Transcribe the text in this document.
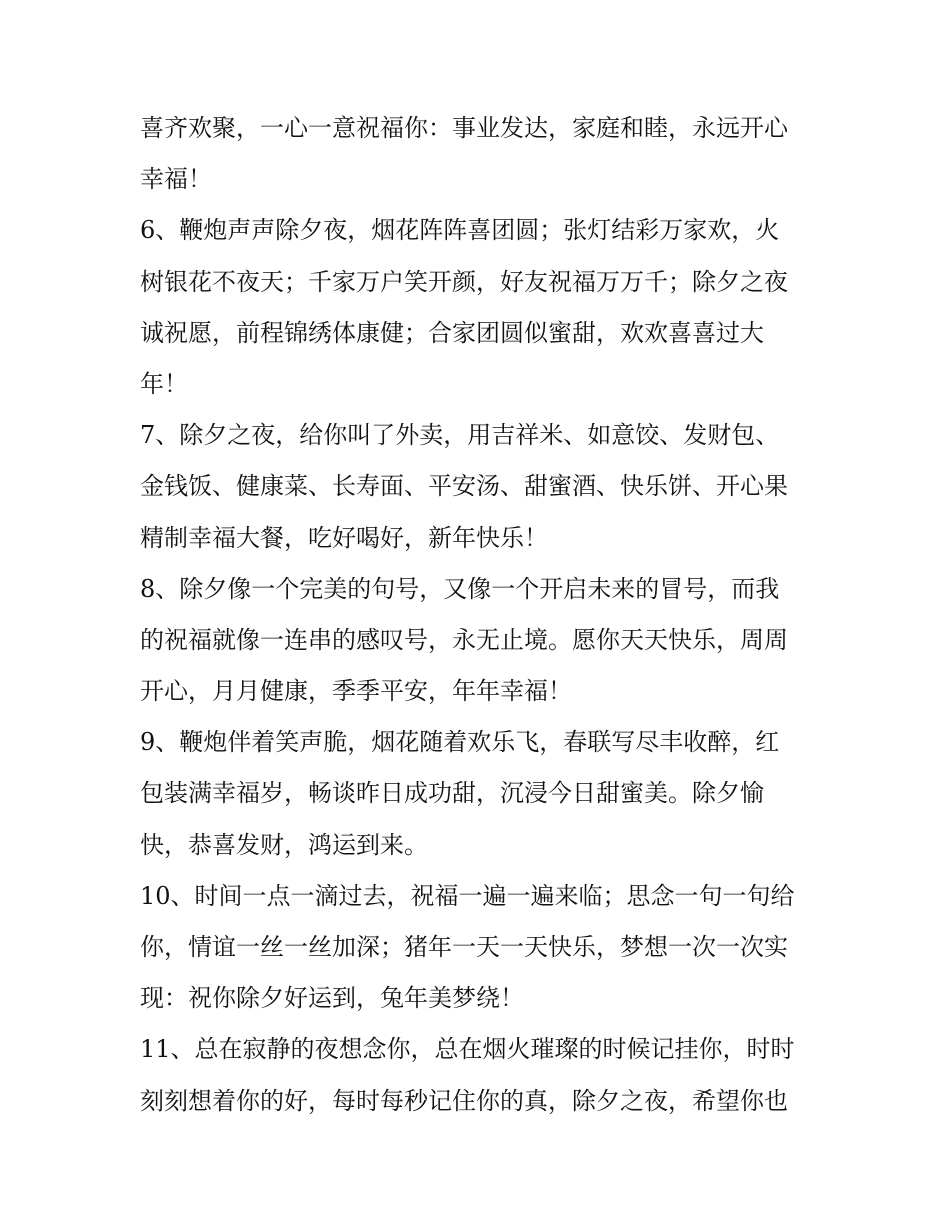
喜齐欢聚，一心一意祝福你：事业发达，家庭和睦，永远开心
幸福！
6、鞭炮声声除夕夜，烟花阵阵喜团圆；张灯结彩万家欢，火
树银花不夜天；千家万户笑开颜，好友祝福万万千；除夕之夜
诚祝愿，前程锦绣体康健；合家团圆似蜜甜，欢欢喜喜过大
年！
7、除夕之夜，给你叫了外卖，用吉祥米、如意饺、发财包、
金钱饭、健康菜、长寿面、平安汤、甜蜜酒、快乐饼、开心果
精制幸福大餐，吃好喝好，新年快乐！
8、除夕像一个完美的句号，又像一个开启未来的冒号，而我
的祝福就像一连串的感叹号，永无止境。愿你天天快乐，周周
开心，月月健康，季季平安，年年幸福！
9、鞭炮伴着笑声脆，烟花随着欢乐飞，春联写尽丰收醉，红
包装满幸福岁，畅谈昨日成功甜，沉浸今日甜蜜美。除夕愉
快，恭喜发财，鸿运到来。
10、时间一点一滴过去，祝福一遍一遍来临；思念一句一句给
你，情谊一丝一丝加深；猪年一天一天快乐，梦想一次一次实
现：祝你除夕好运到，兔年美梦绕！
11、总在寂静的夜想念你，总在烟火璀璨的时候记挂你，时时
刻刻想着你的好，每时每秒记住你的真，除夕之夜，希望你也
